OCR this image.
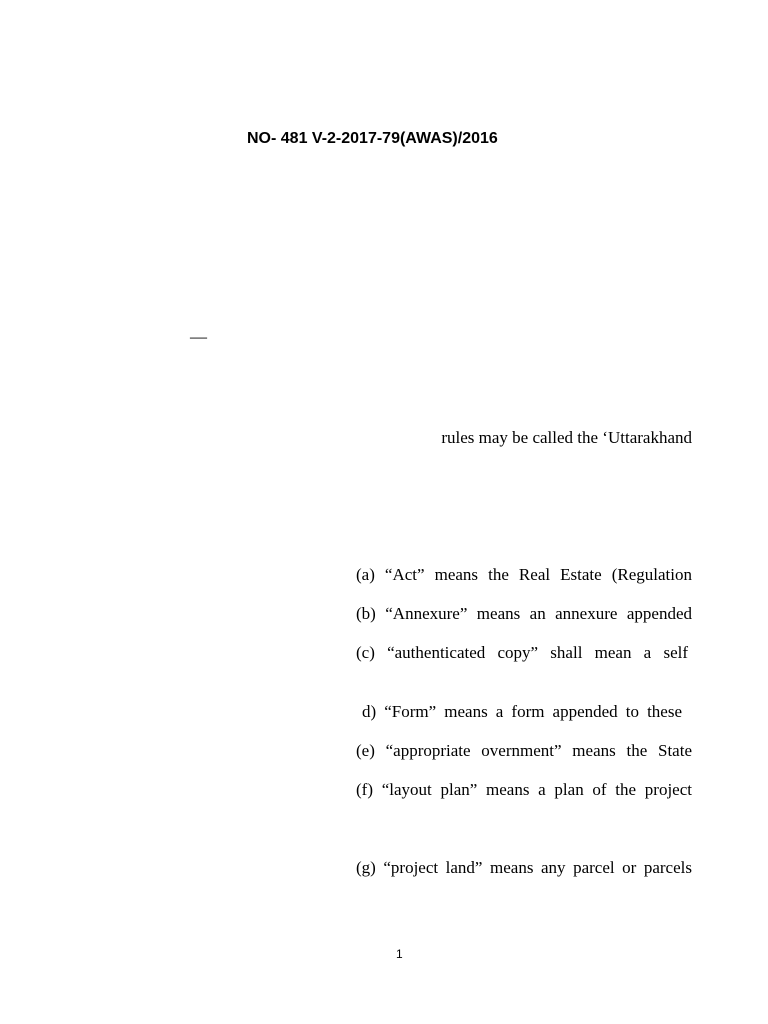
NO- 481 V-2-2017-79(AWAS)/2016
—
rules may be called the ‘Uttarakhand
(a) “Act” means the Real Estate (Regulation
(b) “Annexure” means an annexure appended
(c) “authenticated copy” shall mean a self
d) “Form” means a form appended to these
(e) “appropriate overnment” means the State
(f) “layout plan” means a plan of the project
(g) “project land” means any parcel or parcels
1
